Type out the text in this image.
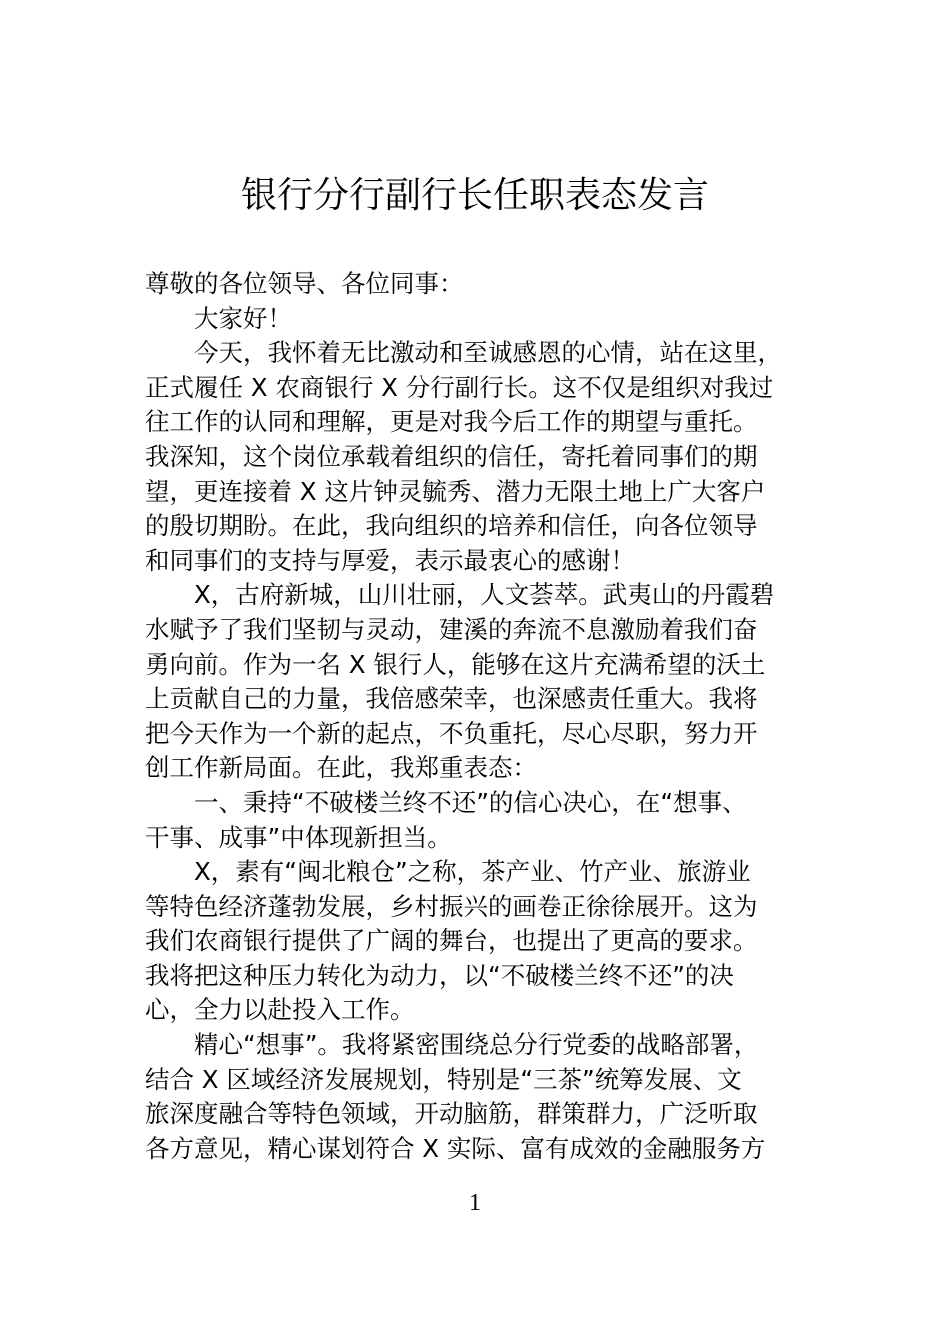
银行分行副行长任职表态发言
尊敬的各位领导、各位同事：
大家好！
今天，我怀着无比激动和至诚感恩的心情，站在这里，
正式履任 X 农商银行 X 分行副行长。这不仅是组织对我过
往工作的认同和理解，更是对我今后工作的期望与重托。
我深知，这个岗位承载着组织的信任，寄托着同事们的期
望，更连接着 X 这片钟灵毓秀、潜力无限土地上广大客户
的殷切期盼。在此，我向组织的培养和信任，向各位领导
和同事们的支持与厚爱，表示最衷心的感谢！
X，古府新城，山川壮丽，人文荟萃。武夷山的丹霞碧
水赋予了我们坚韧与灵动，建溪的奔流不息激励着我们奋
勇向前。作为一名 X 银行人，能够在这片充满希望的沃土
上贡献自己的力量，我倍感荣幸，也深感责任重大。我将
把今天作为一个新的起点，不负重托，尽心尽职，努力开
创工作新局面。在此，我郑重表态：
一、秉持“不破楼兰终不还”的信心决心，在“想事、
干事、成事”中体现新担当。
X，素有“闽北粮仓”之称，茶产业、竹产业、旅游业
等特色经济蓬勃发展，乡村振兴的画卷正徐徐展开。这为
我们农商银行提供了广阔的舞台，也提出了更高的要求。
我将把这种压力转化为动力，以“不破楼兰终不还”的决
心，全力以赴投入工作。
精心“想事”。我将紧密围绕总分行党委的战略部署，
结合 X 区域经济发展规划，特别是“三茶”统筹发展、文
旅深度融合等特色领域，开动脑筋，群策群力，广泛听取
各方意见，精心谋划符合 X 实际、富有成效的金融服务方
1
